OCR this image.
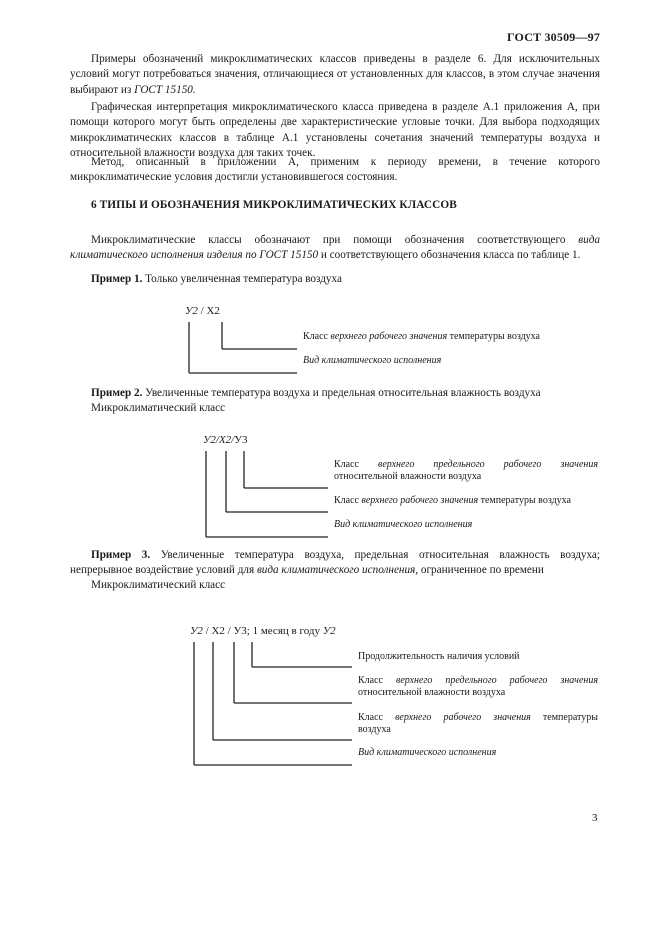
ГОСТ 30509—97

Примеры обозначений микроклиматических классов приведены в разделе 6. Для исключительных условий могут потребоваться значения, отличающиеся от установленных для классов, в этом случае значения выбирают из ГОСТ 15150.

Графическая интерпретация микроклиматического класса приведена в разделе А.1 приложения А, при помощи которого могут быть определены две характеристические угловые точки. Для выбора подходящих микроклиматических классов в таблице А.1 установлены сочетания значений температуры воздуха и относительной влажности воздуха для таких точек.

Метод, описанный в приложении А, применим к периоду времени, в течение которого микроклиматические условия достигли установившегося состояния.

6 ТИПЫ И ОБОЗНАЧЕНИЯ МИКРОКЛИМАТИЧЕСКИХ КЛАССОВ

Микроклиматические классы обозначают при помощи обозначения соответствующего вида климатического исполнения изделия по ГОСТ 15150 и соответствующего обозначения класса по таблице 1.

Пример 1. Только увеличенная температура воздуха
У2 / Х2
Класс верхнего рабочего значения температуры воздуха
Вид климатического исполнения
Пример 2. Увеличенные температура воздуха и предельная относительная влажность воздуха
Микроклиматический класс
У2/Х2/У3
Класс верхнего предельного рабочего значения
относительной влажности воздуха
Класс верхнего рабочего значения температуры воздуха
Вид климатического исполнения

Пример 3. Увеличенные температура воздуха, предельная относительная влажность воздуха; непрерывное воздействие условий для вида климатического исполнения, ограниченное по времени

Микроклиматический класс
У2 / Х2 / У3; 1 месяц в году У2
Продолжительность наличия условий
Класс верхнего предельного рабочего значения
относительной влажности воздуха
Класс верхнего рабочего значения температуры
воздуха
Вид климатического исполнения
3
